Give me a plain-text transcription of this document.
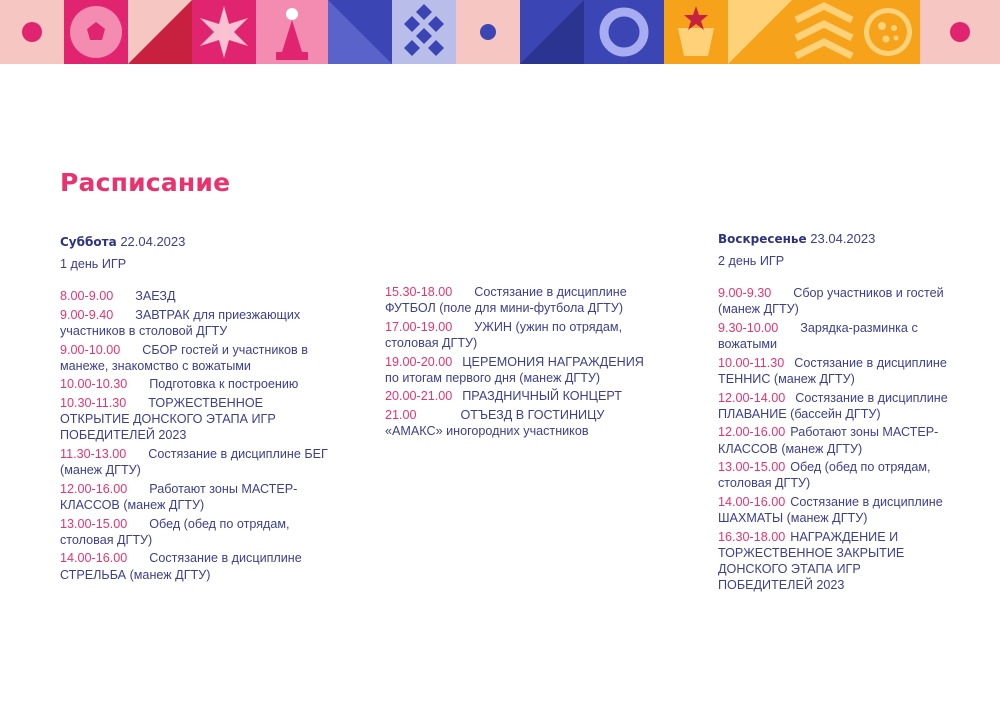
Расписание
Суббота 22.04.2023
1 день ИГР
8.00-9.00 ЗАЕЗД
9.00-9.40 ЗАВТРАК для приезжающих участников в столовой ДГТУ
9.00-10.00 СБОР гостей и участников в манеже, знакомство с вожатыми
10.00-10.30 Подготовка к построению
10.30-11.30 ТОРЖЕСТВЕННОЕ ОТКРЫТИЕ ДОНСКОГО ЭТАПА ИГР ПОБЕДИТЕЛЕЙ 2023
11.30-13.00 Состязание в дисциплине БЕГ (манеж ДГТУ)
12.00-16.00 Работают зоны МАСТЕР-КЛАССОВ (манеж ДГТУ)
13.00-15.00 Обед (обед по отрядам, столовая ДГТУ)
14.00-16.00 Состязание в дисциплине СТРЕЛЬБА (манеж ДГТУ)
15.30-18.00 Состязание в дисциплине ФУТБОЛ (поле для мини-футбола ДГТУ)
17.00-19.00 УЖИН (ужин по отрядам, столовая ДГТУ)
19.00-20.00 ЦЕРЕМОНИЯ НАГРАЖДЕНИЯ по итогам первого дня (манеж ДГТУ)
20.00-21.00 ПРАЗДНИЧНЫЙ КОНЦЕРТ
21.00	ОТЪЕЗД В ГОСТИНИЦУ «АМАКС» иногородних участников
Воскресенье 23.04.2023
2 день ИГР
9.00-9.30 Сбор участников и гостей (манеж ДГТУ)
9.30-10.00 Зарядка-разминка с вожатыми
10.00-11.30 Состязание в дисциплине ТЕННИС (манеж ДГТУ)
12.00-14.00 Состязание в дисциплине ПЛАВАНИЕ (бассейн ДГТУ)
12.00-16.00 Работают зоны МАСТЕР-КЛАССОВ (манеж ДГТУ)
13.00-15.00 Обед (обед по отрядам, столовая ДГТУ)
14.00-16.00 Состязание в дисциплине ШАХМАТЫ (манеж ДГТУ)
16.30-18.00 НАГРАЖДЕНИЕ И ТОРЖЕСТВЕННОЕ ЗАКРЫТИЕ ДОНСКОГО ЭТАПА ИГР ПОБЕДИТЕЛЕЙ 2023
